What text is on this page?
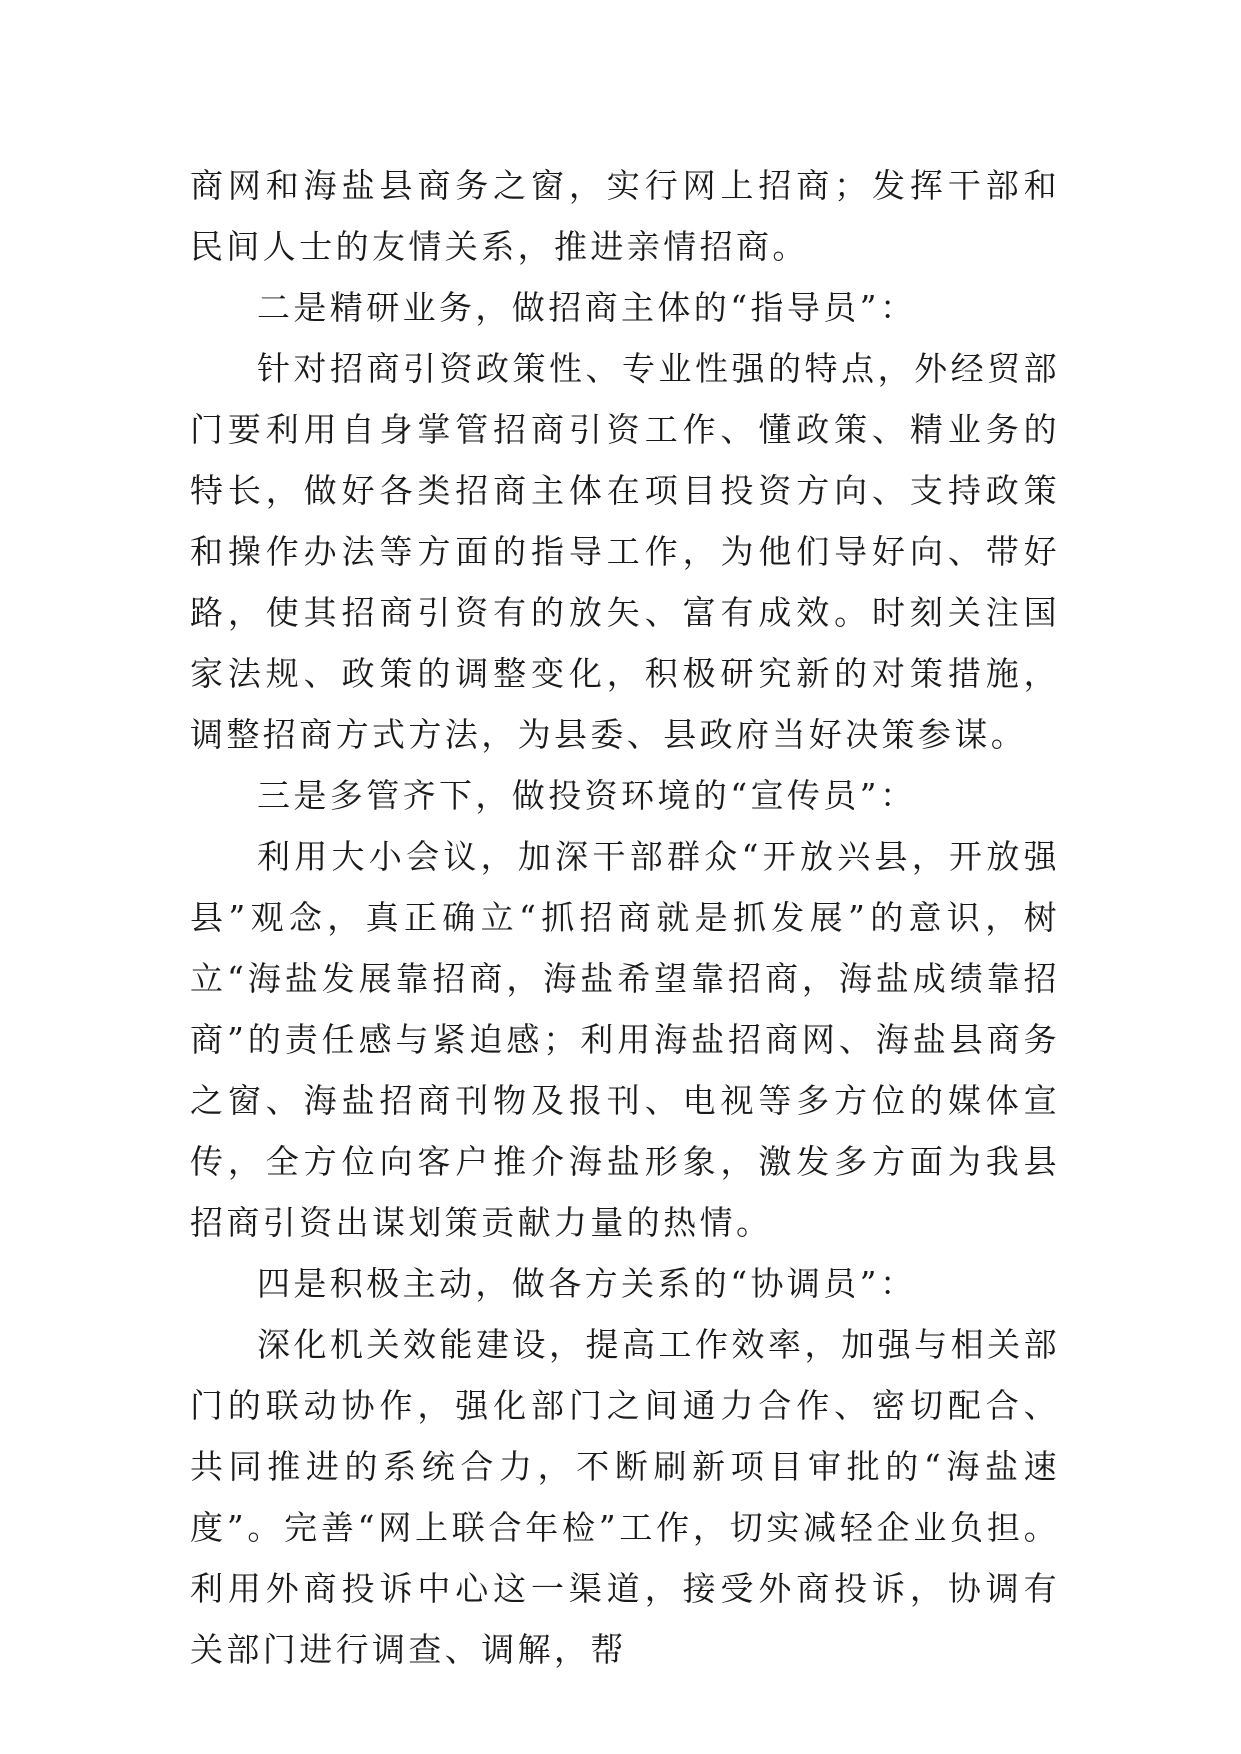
商网和海盐县商务之窗，实行网上招商；发挥干部和民间人士的友情关系，推进亲情招商。

二是精研业务，做招商主体的“指导员”：

针对招商引资政策性、专业性强的特点，外经贸部门要利用自身掌管招商引资工作、懂政策、精业务的特长，做好各类招商主体在项目投资方向、支持政策和操作办法等方面的指导工作，为他们导好向、带好路，使其招商引资有的放矢、富有成效。时刻关注国家法规、政策的调整变化，积极研究新的对策措施，调整招商方式方法，为县委、县政府当好决策参谋。

三是多管齐下，做投资环境的“宣传员”：

利用大小会议，加深干部群众“开放兴县，开放强县”观念，真正确立“抓招商就是抓发展”的意识，树立“海盐发展靠招商，海盐希望靠招商，海盐成绩靠招商”的责任感与紧迫感；利用海盐招商网、海盐县商务之窗、海盐招商刊物及报刊、电视等多方位的媒体宣传，全方位向客户推介海盐形象，激发多方面为我县招商引资出谋划策贡献力量的热情。

四是积极主动，做各方关系的“协调员”：

深化机关效能建设，提高工作效率，加强与相关部门的联动协作，强化部门之间通力合作、密切配合、共同推进的系统合力，不断刷新项目审批的“海盐速度”。完善“网上联合年检”工作，切实减轻企业负担。利用外商投诉中心这一渠道，接受外商投诉，协调有关部门进行调查、调解，帮
